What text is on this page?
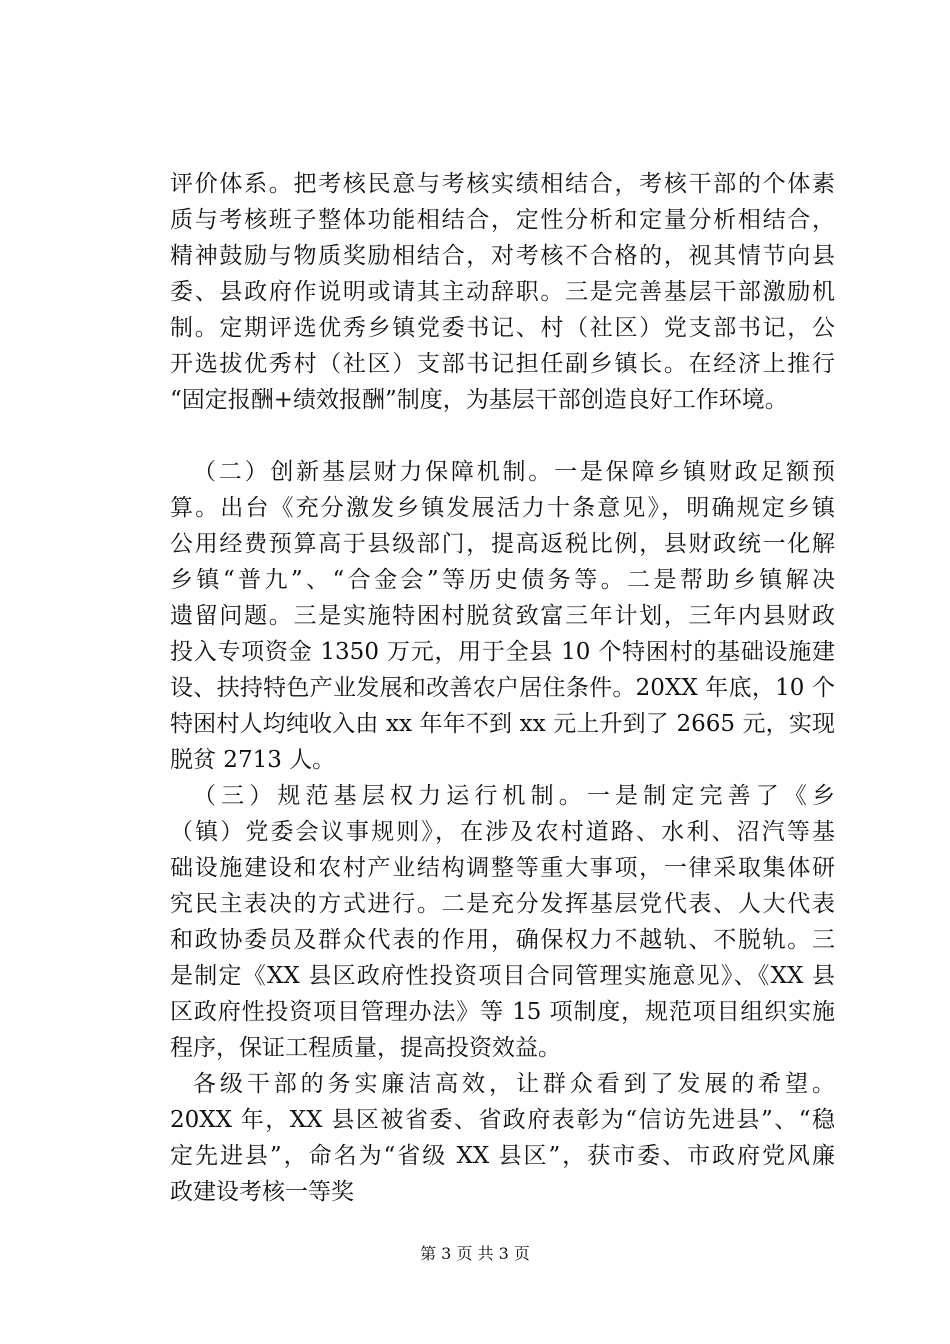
评价体系。把考核民意与考核实绩相结合，考核干部的个体素
质与考核班子整体功能相结合，定性分析和定量分析相结合，
精神鼓励与物质奖励相结合，对考核不合格的，视其情节向县
委、县政府作说明或请其主动辞职。三是完善基层干部激励机
制。定期评选优秀乡镇党委书记、村（社区）党支部书记，公
开选拔优秀村（社区）支部书记担任副乡镇长。在经济上推行
“固定报酬+绩效报酬”制度，为基层干部创造良好工作环境。
（二）创新基层财力保障机制。一是保障乡镇财政足额预
算。出台《充分激发乡镇发展活力十条意见》，明确规定乡镇
公用经费预算高于县级部门，提高返税比例，县财政统一化解
乡镇“普九”、“合金会”等历史债务等。二是帮助乡镇解决
遗留问题。三是实施特困村脱贫致富三年计划，三年内县财政
投入专项资金 1350 万元，用于全县 10 个特困村的基础设施建
设、扶持特色产业发展和改善农户居住条件。20XX 年底，10 个
特困村人均纯收入由 xx 年年不到 xx 元上升到了 2665 元，实现
脱贫 2713 人。
（三）规范基层权力运行机制。一是制定完善了《乡
（镇）党委会议事规则》，在涉及农村道路、水利、沼汽等基
础设施建设和农村产业结构调整等重大事项，一律采取集体研
究民主表决的方式进行。二是充分发挥基层党代表、人大代表
和政协委员及群众代表的作用，确保权力不越轨、不脱轨。三
是制定《XX 县区政府性投资项目合同管理实施意见》、《XX 县
区政府性投资项目管理办法》等 15 项制度，规范项目组织实施
程序，保证工程质量，提高投资效益。
各级干部的务实廉洁高效，让群众看到了发展的希望。
20XX 年，XX 县区被省委、省政府表彰为“信访先进县”、“稳
定先进县”，命名为“省级 XX 县区”，获市委、市政府党风廉
政建设考核一等奖
第 3 页 共 3 页
